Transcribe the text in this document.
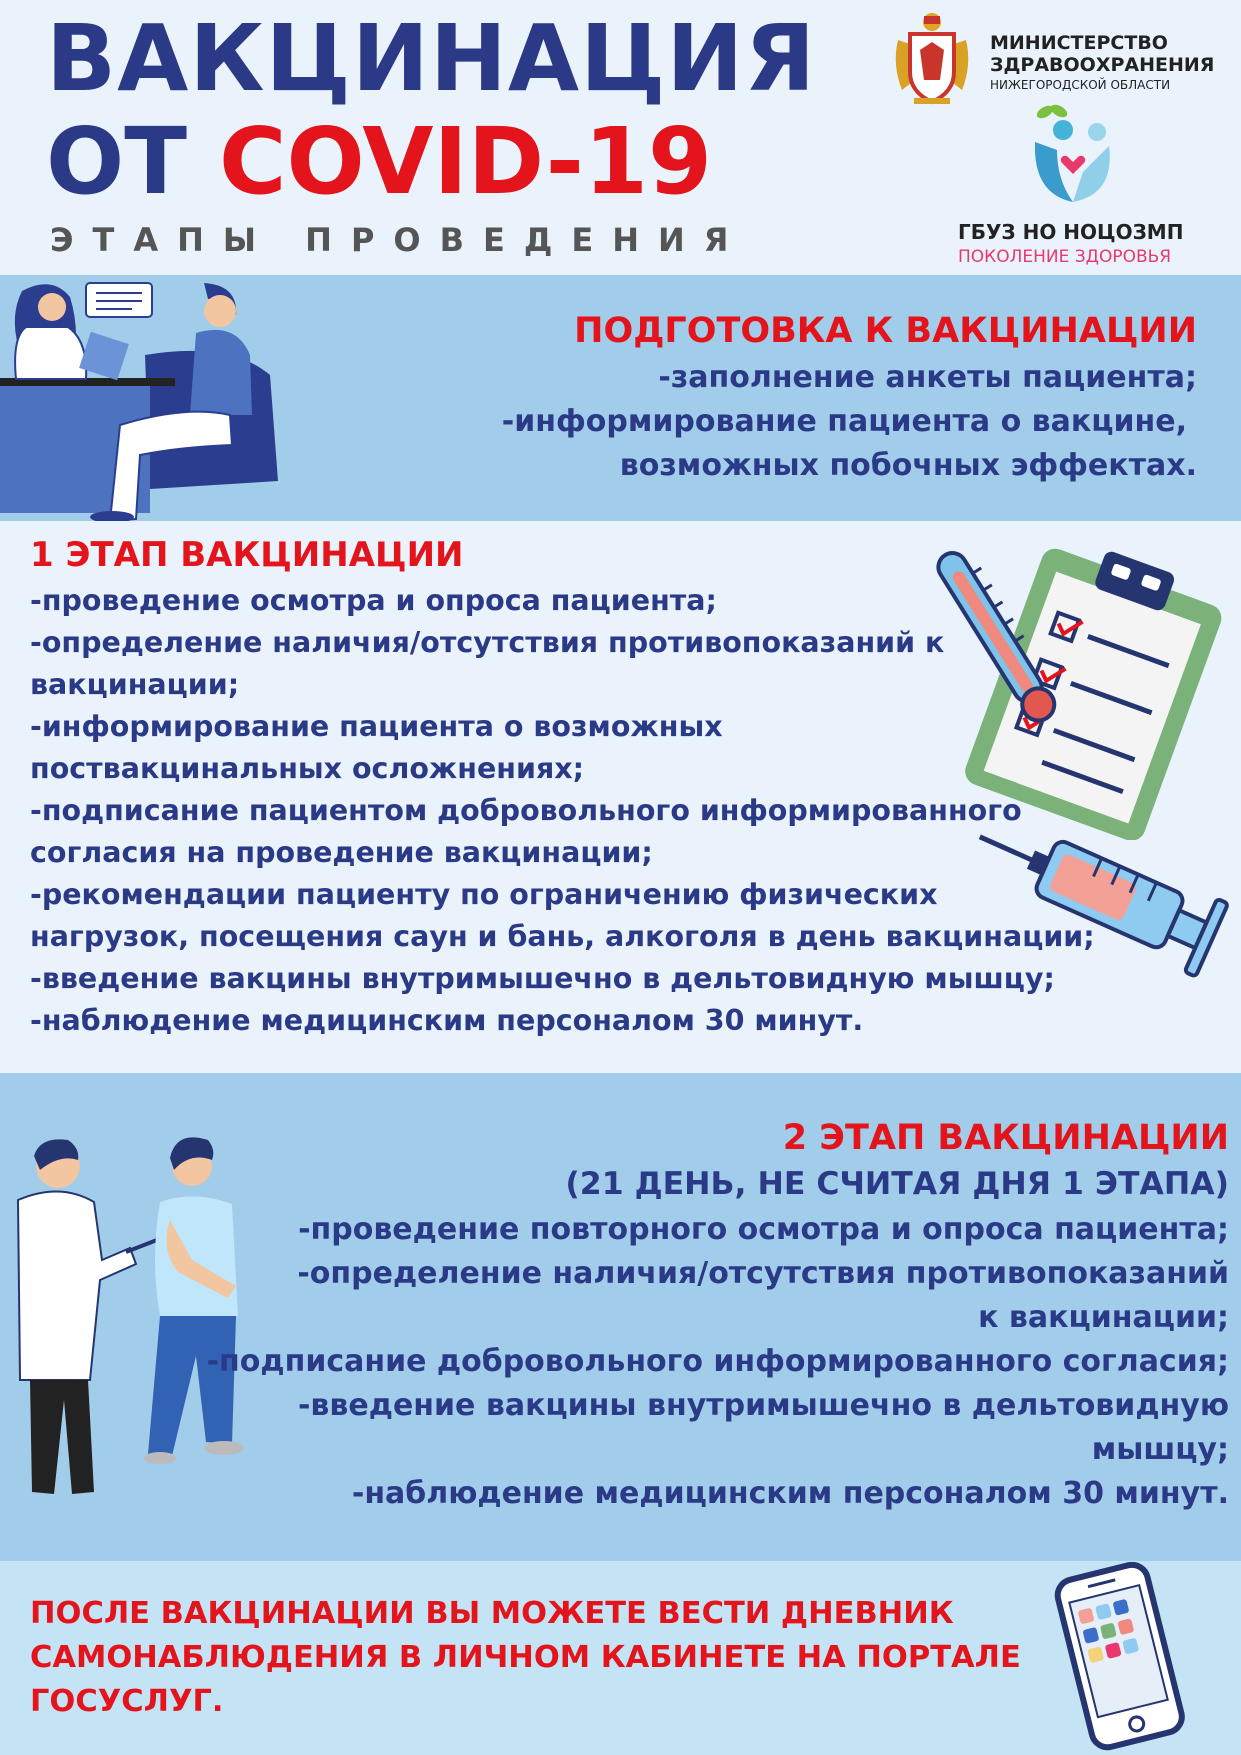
ВАКЦИНАЦИЯ
ОТ COVID-19
ЭТАПЫ ПРОВЕДЕНИЯ
МИНИСТЕРСТВО
ЗДРАВООХРАНЕНИЯ
НИЖЕГОРОДСКОЙ ОБЛАСТИ
ГБУЗ НО НОЦОЗМП
ПОКОЛЕНИЕ ЗДОРОВЬЯ
ПОДГОТОВКА К ВАКЦИНАЦИИ
-заполнение анкеты пациента;
-информирование пациента о вакцине,
возможных побочных эффектах.
1 ЭТАП ВАКЦИНАЦИИ
-проведение осмотра и опроса пациента;
-определение наличия/отсутствия противопоказаний к
вакцинации;
-информирование пациента о возможных
поствакцинальных осложнениях;
-подписание пациентом добровольного информированного
согласия на проведение вакцинации;
-рекомендации пациенту по ограничению физических
нагрузок, посещения саун и бань, алкоголя в день вакцинации;
-введение вакцины внутримышечно в дельтовидную мышцу;
-наблюдение медицинским персоналом 30 минут.
2 ЭТАП ВАКЦИНАЦИИ
(21 ДЕНЬ, НЕ СЧИТАЯ ДНЯ 1 ЭТАПА)
-проведение повторного осмотра и опроса пациента;
-определение наличия/отсутствия противопоказаний
к вакцинации;
-подписание добровольного информированного согласия;
-введение вакцины внутримышечно в дельтовидную
мышцу;
-наблюдение медицинским персоналом 30 минут.
ПОСЛЕ ВАКЦИНАЦИИ ВЫ МОЖЕТЕ ВЕСТИ ДНЕВНИК
САМОНАБЛЮДЕНИЯ В ЛИЧНОМ КАБИНЕТЕ НА ПОРТАЛЕ
ГОСУСЛУГ.
